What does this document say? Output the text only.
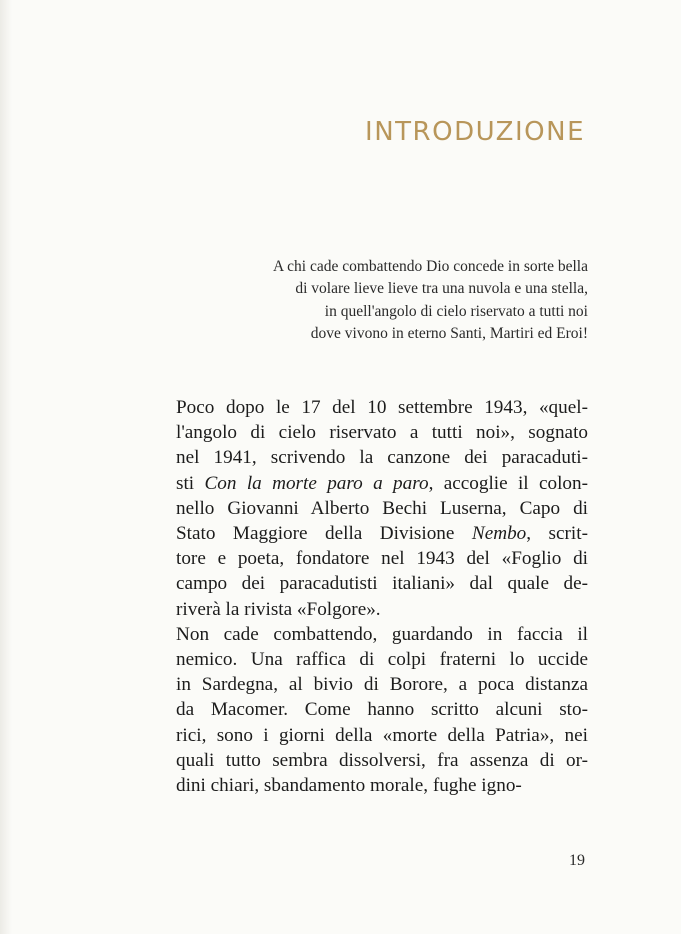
INTRODUZIONE
A chi cade combattendo Dio concede in sorte bella
di volare lieve lieve tra una nuvola e una stella,
in quell'angolo di cielo riservato a tutti noi
dove vivono in eterno Santi, Martiri ed Eroi!
Poco dopo le 17 del 10 settembre 1943, «quel-
l'angolo di cielo riservato a tutti noi», sognato
nel 1941, scrivendo la canzone dei paracaduti-
sti Con la morte paro a paro, accoglie il colon-
nello Giovanni Alberto Bechi Luserna, Capo di
Stato Maggiore della Divisione Nembo, scrit-
tore e poeta, fondatore nel 1943 del «Foglio di
campo dei paracadutisti italiani» dal quale de-
riverà la rivista «Folgore».
Non cade combattendo, guardando in faccia il
nemico. Una raffica di colpi fraterni lo uccide
in Sardegna, al bivio di Borore, a poca distanza
da Macomer. Come hanno scritto alcuni sto-
rici, sono i giorni della «morte della Patria», nei
quali tutto sembra dissolversi, fra assenza di or-
dini chiari, sbandamento morale, fughe igno-
19
